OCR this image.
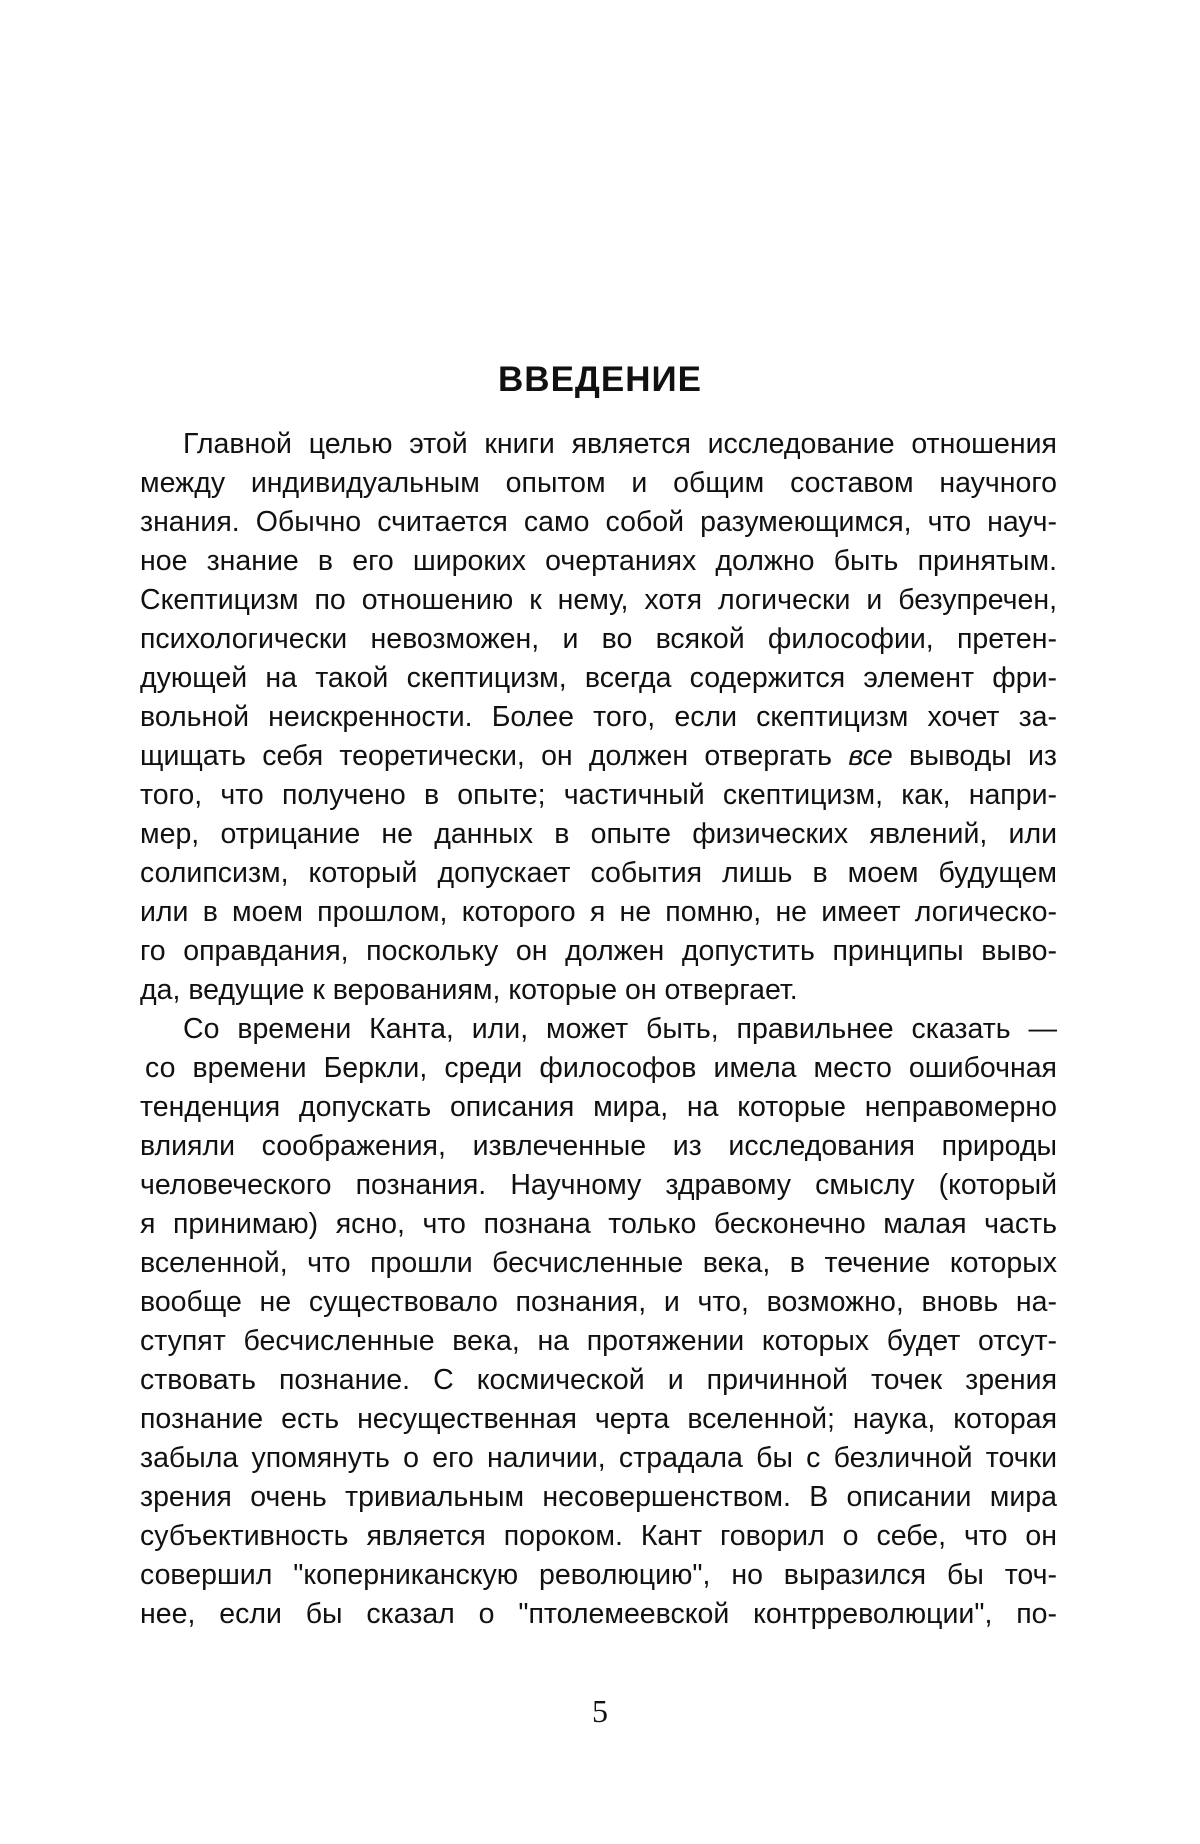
ВВЕДЕНИЕ
Главной целью этой книги является исследование отношения
между индивидуальным опытом и общим составом научного
знания. Обычно считается само собой разумеющимся, что науч-
ное знание в его широких очертаниях должно быть принятым.
Скептицизм по отношению к нему, хотя логически и безупречен,
психологически невозможен, и во всякой философии, претен-
дующей на такой скептицизм, всегда содержится элемент фри-
вольной неискренности. Более того, если скептицизм хочет за-
щищать себя теоретически, он должен отвергать все выводы из
того, что получено в опыте; частичный скептицизм, как, напри-
мер, отрицание не данных в опыте физических явлений, или
солипсизм, который допускает события лишь в моем будущем
или в моем прошлом, которого я не помню, не имеет логическо-
го оправдания, поскольку он должен допустить принципы выво-
да, ведущие к верованиям, которые он отвергает.
Со времени Канта, или, может быть, правильнее сказать —
со времени Беркли, среди философов имела место ошибочная
тенденция допускать описания мира, на которые неправомерно
влияли соображения, извлеченные из исследования природы
человеческого познания. Научному здравому смыслу (который
я принимаю) ясно, что познана только бесконечно малая часть
вселенной, что прошли бесчисленные века, в течение которых
вообще не существовало познания, и что, возможно, вновь на-
ступят бесчисленные века, на протяжении которых будет отсут-
ствовать познание. С космической и причинной точек зрения
познание есть несущественная черта вселенной; наука, которая
забыла упомянуть о его наличии, страдала бы с безличной точки
зрения очень тривиальным несовершенством. В описании мира
субъективность является пороком. Кант говорил о себе, что он
совершил "коперниканскую революцию", но выразился бы точ-
нее, если бы сказал о "птолемеевской контрреволюции", по-
5
